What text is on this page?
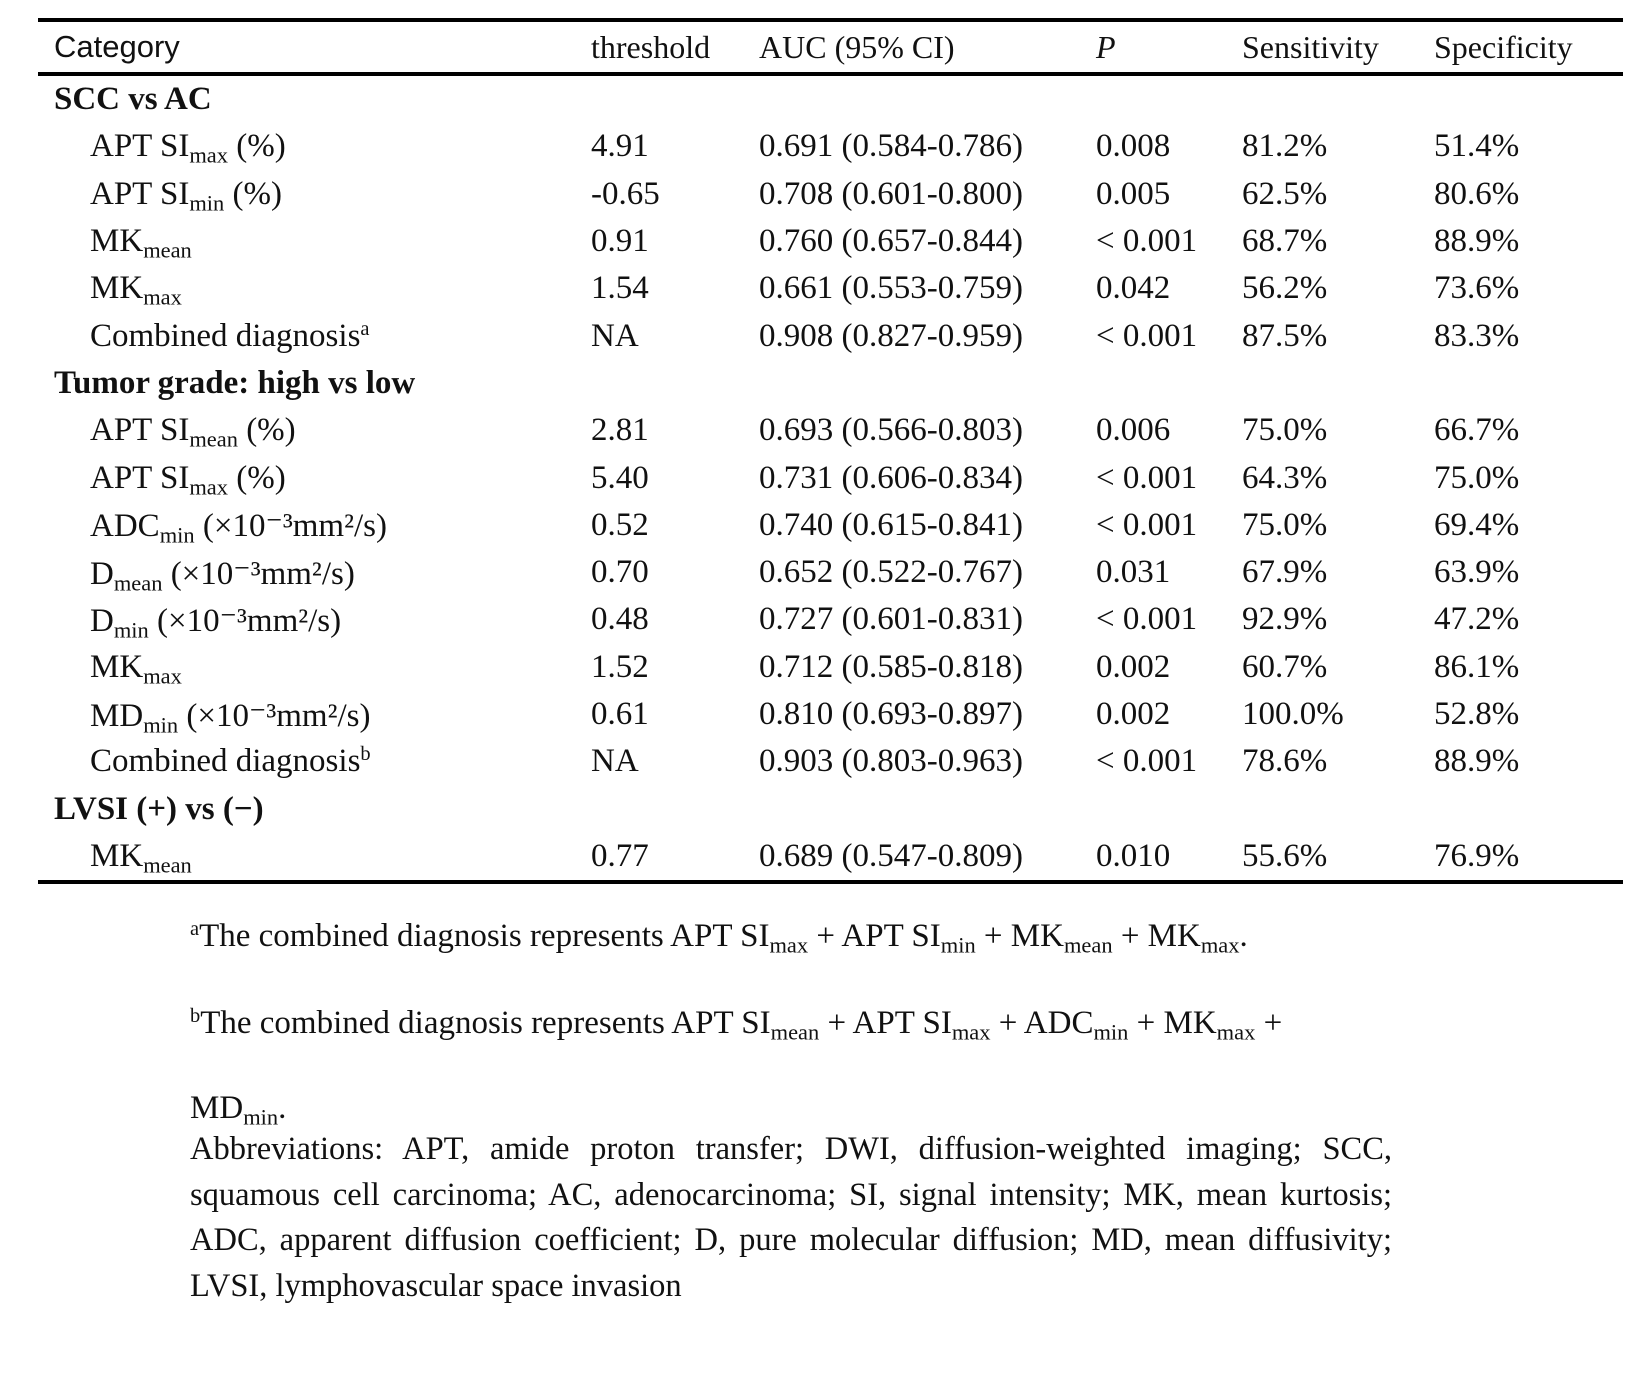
Category	threshold	AUC (95% CI)	P	Sensitivity	Specificity
SCC vs AC
APT $SI_{max}$ (%)	4.91	0.691 (0.584-0.786)	0.008	81.2%	51.4%
APT $SI_{min}$ (%)	-0.65	0.708 (0.601-0.800)	0.005	62.5%	80.6%
$MK_{mean}$	0.91	0.760 (0.657-0.844)	< 0.001	68.7%	88.9%
$MK_{max}$	1.54	0.661 (0.553-0.759)	0.042	56.2%	73.6%
Combined diagnosis$^a$	NA	0.908 (0.827-0.959)	< 0.001	87.5%	83.3%
Tumor grade: high vs low
APT $SI_{mean}$ (%)	2.81	0.693 (0.566-0.803)	0.006	75.0%	66.7%
APT $SI_{max}$ (%)	5.40	0.731 (0.606-0.834)	< 0.001	64.3%	75.0%
$ADC_{min}$ (×10⁻³mm²/s)	0.52	0.740 (0.615-0.841)	< 0.001	75.0%	69.4%
$D_{mean}$ (×10⁻³mm²/s)	0.70	0.652 (0.522-0.767)	0.031	67.9%	63.9%
$D_{min}$ (×10⁻³mm²/s)	0.48	0.727 (0.601-0.831)	< 0.001	92.9%	47.2%
$MK_{max}$	1.52	0.712 (0.585-0.818)	0.002	60.7%	86.1%
$MD_{min}$ (×10⁻³mm²/s)	0.61	0.810 (0.693-0.897)	0.002	100.0%	52.8%
Combined diagnosis$^b$	NA	0.903 (0.803-0.963)	< 0.001	78.6%	88.9%
LVSI (+) vs (−)
$MK_{mean}$	0.77	0.689 (0.547-0.809)	0.010	55.6%	76.9%
$^a$The combined diagnosis represents APT $SI_{max}$ + APT $SI_{min} + MK_{mean} + MK_{max}$.
$^b$The combined diagnosis represents APT $SI_{mean}$ + APT $SI_{max} + ADC_{min} + MK_{max}$ +
$MD_{min}$.
Abbreviations: APT, amide proton transfer; DWI, diffusion-weighted imaging; SCC, squamous cell carcinoma; AC, adenocarcinoma; SI, signal intensity; MK, mean kurtosis; ADC, apparent diffusion coefficient; D, pure molecular diffusion; MD, mean diffusivity; LVSI, lymphovascular space invasion
